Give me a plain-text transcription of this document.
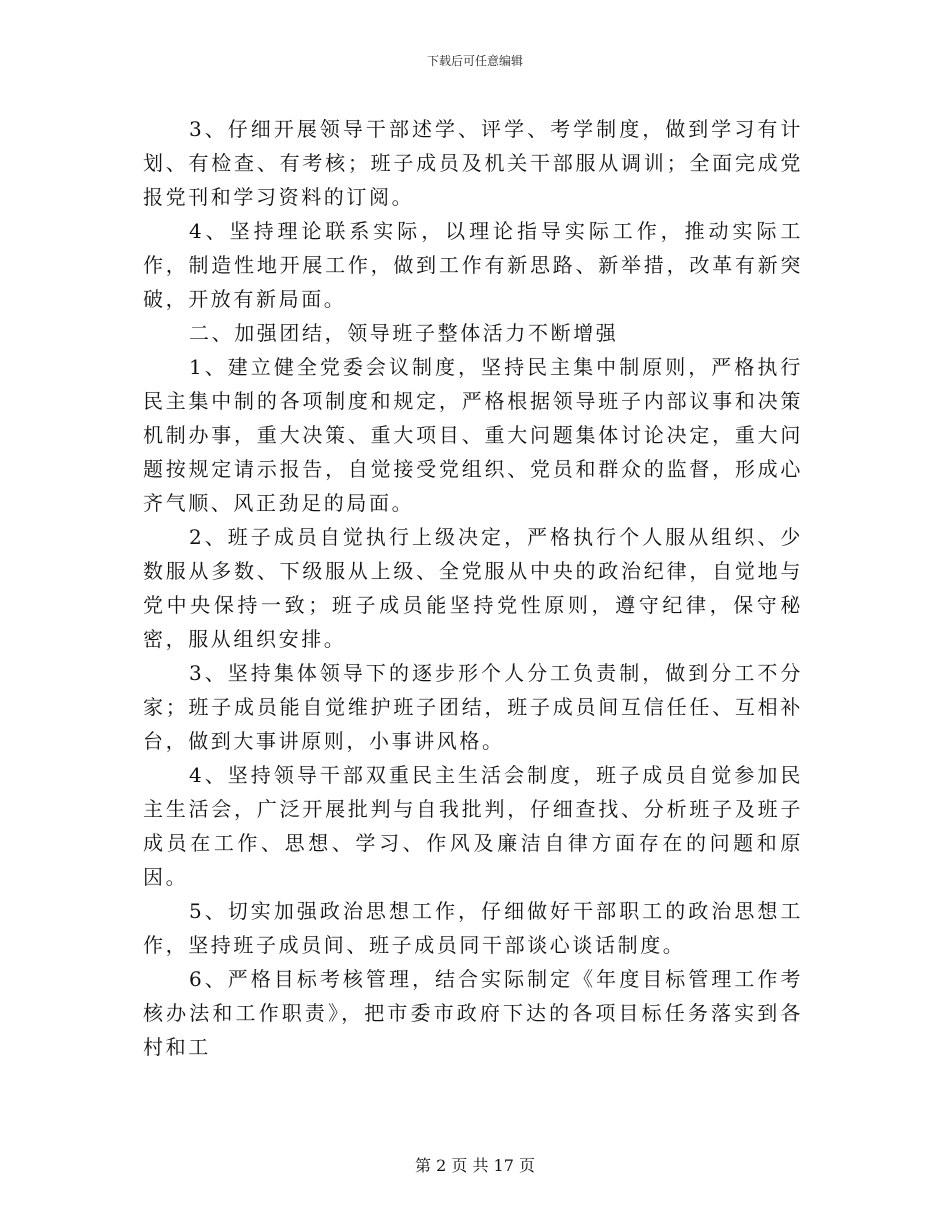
下载后可任意编辑

3、仔细开展领导干部述学、评学、考学制度，做到学习有计划、有检查、有考核；班子成员及机关干部服从调训；全面完成党报党刊和学习资料的订阅。

4、坚持理论联系实际，以理论指导实际工作，推动实际工作，制造性地开展工作，做到工作有新思路、新举措，改革有新突破，开放有新局面。

二、加强团结，领导班子整体活力不断增强

1、建立健全党委会议制度，坚持民主集中制原则，严格执行民主集中制的各项制度和规定，严格根据领导班子内部议事和决策机制办事，重大决策、重大项目、重大问题集体讨论决定，重大问题按规定请示报告，自觉接受党组织、党员和群众的监督，形成心齐气顺、风正劲足的局面。

2、班子成员自觉执行上级决定，严格执行个人服从组织、少数服从多数、下级服从上级、全党服从中央的政治纪律，自觉地与党中央保持一致；班子成员能坚持党性原则，遵守纪律，保守秘密，服从组织安排。

3、坚持集体领导下的逐步形个人分工负责制，做到分工不分家；班子成员能自觉维护班子团结，班子成员间互信任任、互相补台，做到大事讲原则，小事讲风格。

4、坚持领导干部双重民主生活会制度，班子成员自觉参加民主生活会，广泛开展批判与自我批判，仔细查找、分析班子及班子成员在工作、思想、学习、作风及廉洁自律方面存在的问题和原因。

5、切实加强政治思想工作，仔细做好干部职工的政治思想工作，坚持班子成员间、班子成员同干部谈心谈话制度。

6、严格目标考核管理，结合实际制定《年度目标管理工作考核办法和工作职责》，把市委市政府下达的各项目标任务落实到各村和工

第 2 页 共 17 页
